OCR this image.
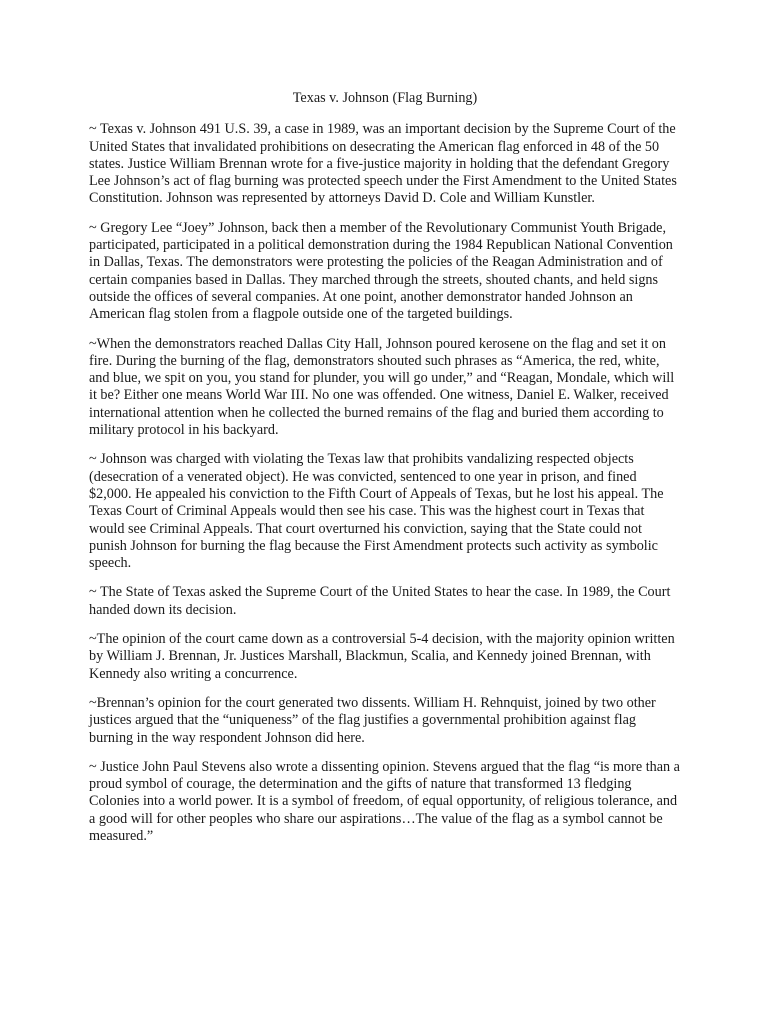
Texas v. Johnson (Flag Burning)

~ Texas v. Johnson 491 U.S. 39, a case in 1989, was an important decision by the Supreme Court of the United States that invalidated prohibitions on desecrating the American flag enforced in 48 of the 50 states. Justice William Brennan wrote for a five-justice majority in holding that the defendant Gregory Lee Johnson’s act of flag burning was protected speech under the First Amendment to the United States Constitution. Johnson was represented by attorneys David D. Cole and William Kunstler.

~ Gregory Lee “Joey” Johnson, back then a member of the Revolutionary Communist Youth Brigade, participated, participated in a political demonstration during the 1984 Republican National Convention in Dallas, Texas. The demonstrators were protesting the policies of the Reagan Administration and of certain companies based in Dallas. They marched through the streets, shouted chants, and held signs outside the offices of several companies. At one point, another demonstrator handed Johnson an American flag stolen from a flagpole outside one of the targeted buildings.

~When the demonstrators reached Dallas City Hall, Johnson poured kerosene on the flag and set it on fire. During the burning of the flag, demonstrators shouted such phrases as “America, the red, white, and blue, we spit on you, you stand for plunder, you will go under,” and “Reagan, Mondale, which will it be? Either one means World War III. No one was offended. One witness, Daniel E. Walker, received international attention when he collected the burned remains of the flag and buried them according to military protocol in his backyard.

~ Johnson was charged with violating the Texas law that prohibits vandalizing respected objects (desecration of a venerated object). He was convicted, sentenced to one year in prison, and fined $2,000. He appealed his conviction to the Fifth Court of Appeals of Texas, but he lost his appeal. The Texas Court of Criminal Appeals would then see his case. This was the highest court in Texas that would see Criminal Appeals. That court overturned his conviction, saying that the State could not punish Johnson for burning the flag because the First Amendment protects such activity as symbolic speech.

~ The State of Texas asked the Supreme Court of the United States to hear the case. In 1989, the Court handed down its decision.

~The opinion of the court came down as a controversial 5-4 decision, with the majority opinion written by William J. Brennan, Jr. Justices Marshall, Blackmun, Scalia, and Kennedy joined Brennan, with Kennedy also writing a concurrence.

~Brennan’s opinion for the court generated two dissents. William H. Rehnquist, joined by two other justices argued that the “uniqueness” of the flag justifies a governmental prohibition against flag burning in the way respondent Johnson did here.

~ Justice John Paul Stevens also wrote a dissenting opinion. Stevens argued that the flag “is more than a proud symbol of courage, the determination and the gifts of nature that transformed 13 fledging Colonies into a world power. It is a symbol of freedom, of equal opportunity, of religious tolerance, and a good will for other peoples who share our aspirations…The value of the flag as a symbol cannot be measured.”
